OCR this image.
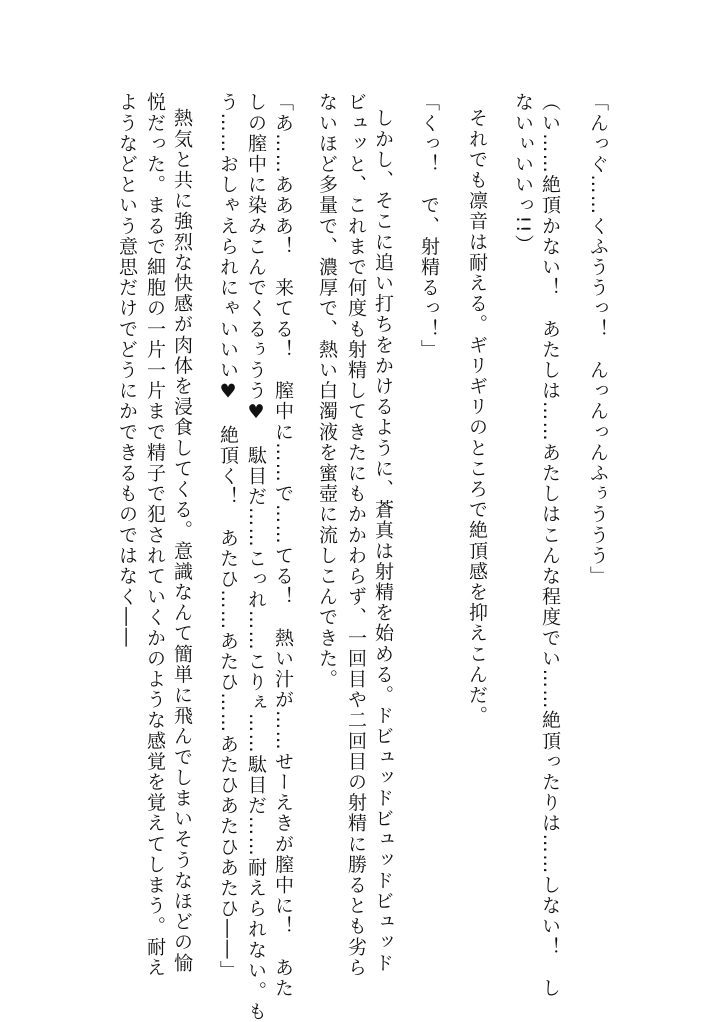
「んっぐ……くふううっ！　んっんっんふぅううう」

（い……絶頂かない！　あたしは……あたしはこんな程度でい……絶頂ったりは……しない！　し

ないぃいいっ!!）

それでも凛音は耐える。ギリギリのところで絶頂感を抑えこんだ。

「くっ！　で、射精るっ！」

しかし、そこに追い打ちをかけるように、蒼真は射精を始める。ドビュッドビュッドビュッド

ビュッと、これまで何度も射精してきたにもかかわらず、一回目や二回目の射精に勝るとも劣ら

ないほど多量で、濃厚で、熱い白濁液を蜜壺に流しこんできた。

「あ……あああ！　来てる！　膣中に……で……てる！　熱い汁が……せーえきが膣中に！　あた

しの膣中に染みこんでくるぅうう♥　駄目だ……こっれ……こりぇ……駄目だ……耐えられない。も

う……おしゃえられにゃいいい♥　絶頂く！　あたひ……あたひ……あたひあたひあたひ――」

熱気と共に強烈な快感が肉体を浸食してくる。意識なんて簡単に飛んでしまいそうなほどの愉

悦だった。まるで細胞の一片一片まで精子で犯されていくかのような感覚を覚えてしまう。耐え

ようなどという意思だけでどうにかできるものではなく――
